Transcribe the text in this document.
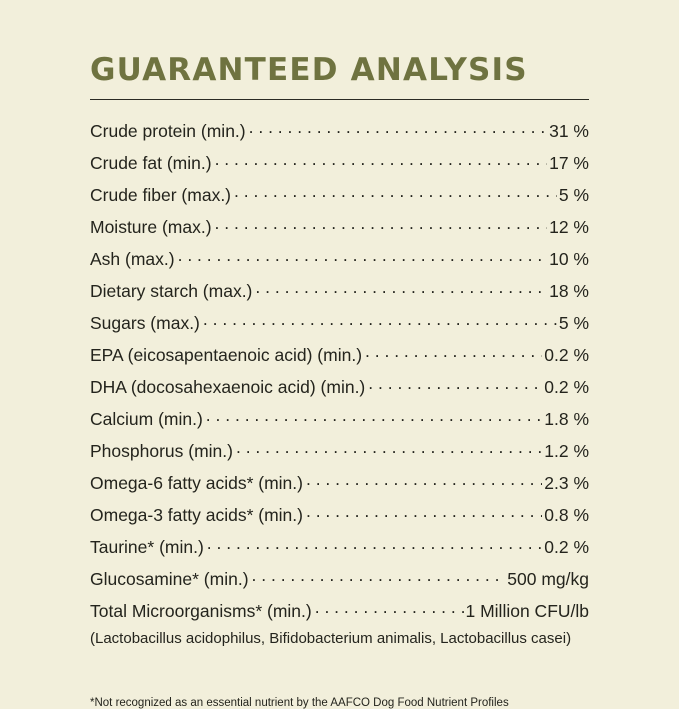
GUARANTEED ANALYSIS
Crude protein (min.) . . .	31 %
Crude fat (min.) . . .	17 %
Crude fiber (max.) . . .	5 %
Moisture (max.) . . .	12 %
Ash (max.) . . .	10 %
Dietary starch (max.) . . .	18 %
Sugars (max.) . . .	5 %
EPA (eicosapentaenoic acid) (min.) . . .	0.2 %
DHA (docosahexaenoic acid) (min.) . . .	0.2 %
Calcium (min.) . . .	1.8 %
Phosphorus (min.) . . .	1.2 %
Omega-6 fatty acids* (min.) . . .	2.3 %
Omega-3 fatty acids* (min.) . . .	0.8 %
Taurine* (min.) . . .	0.2 %
Glucosamine* (min.) . . .	500 mg/kg
Total Microorganisms* (min.) . . .	1 Million CFU/lb
(Lactobacillus acidophilus, Bifidobacterium animalis, Lactobacillus casei)
*Not recognized as an essential nutrient by the AAFCO Dog Food Nutrient Profiles
